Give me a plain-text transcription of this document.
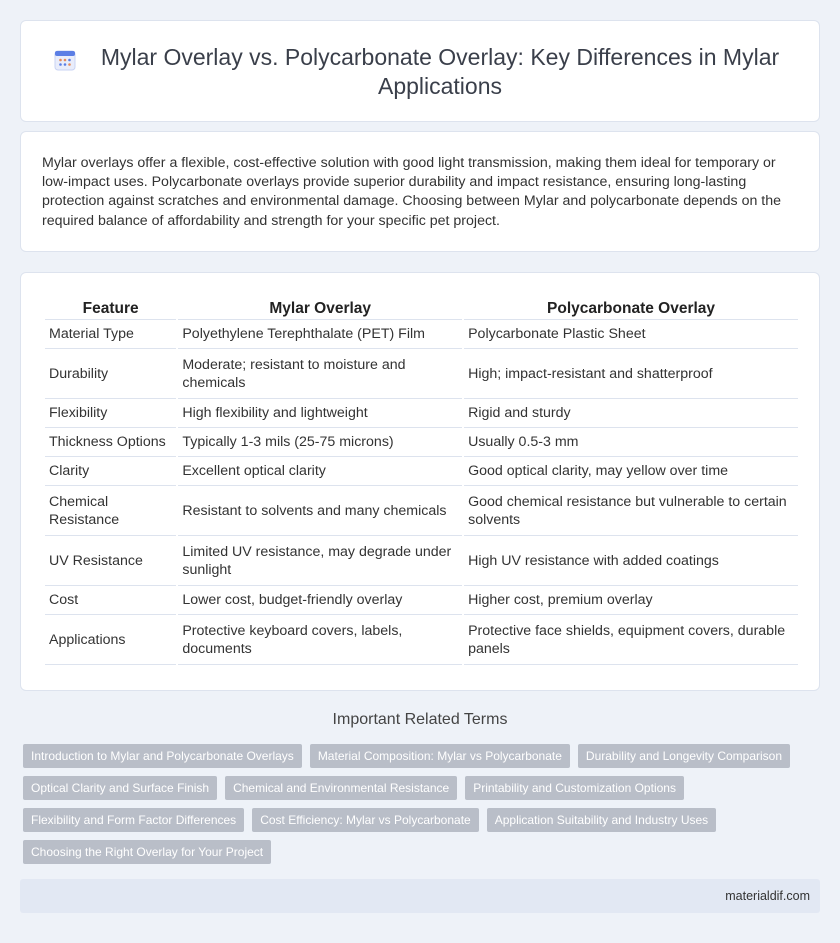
Mylar Overlay vs. Polycarbonate Overlay: Key Differences in Mylar Applications

Mylar overlays offer a flexible, cost-effective solution with good light transmission, making them ideal for temporary or low-impact uses. Polycarbonate overlays provide superior durability and impact resistance, ensuring long-lasting protection against scratches and environmental damage. Choosing between Mylar and polycarbonate depends on the required balance of affordability and strength for your specific pet project.

Feature	Mylar Overlay	Polycarbonate Overlay
Material Type	Polyethylene Terephthalate (PET) Film	Polycarbonate Plastic Sheet
Durability	Moderate; resistant to moisture and chemicals	High; impact-resistant and shatterproof
Flexibility	High flexibility and lightweight	Rigid and sturdy
Thickness Options	Typically 1-3 mils (25-75 microns)	Usually 0.5-3 mm
Clarity	Excellent optical clarity	Good optical clarity, may yellow over time
Chemical Resistance	Resistant to solvents and many chemicals	Good chemical resistance but vulnerable to certain solvents
UV Resistance	Limited UV resistance, may degrade under sunlight	High UV resistance with added coatings
Cost	Lower cost, budget-friendly overlay	Higher cost, premium overlay
Applications	Protective keyboard covers, labels, documents	Protective face shields, equipment covers, durable panels
Important Related Terms
Introduction to Mylar and Polycarbonate Overlays	Material Composition: Mylar vs Polycarbonate	Durability and Longevity Comparison
Optical Clarity and Surface Finish	Chemical and Environmental Resistance	Printability and Customization Options
Flexibility and Form Factor Differences	Cost Efficiency: Mylar vs Polycarbonate	Application Suitability and Industry Uses
Choosing the Right Overlay for Your Project
materialdif.com
